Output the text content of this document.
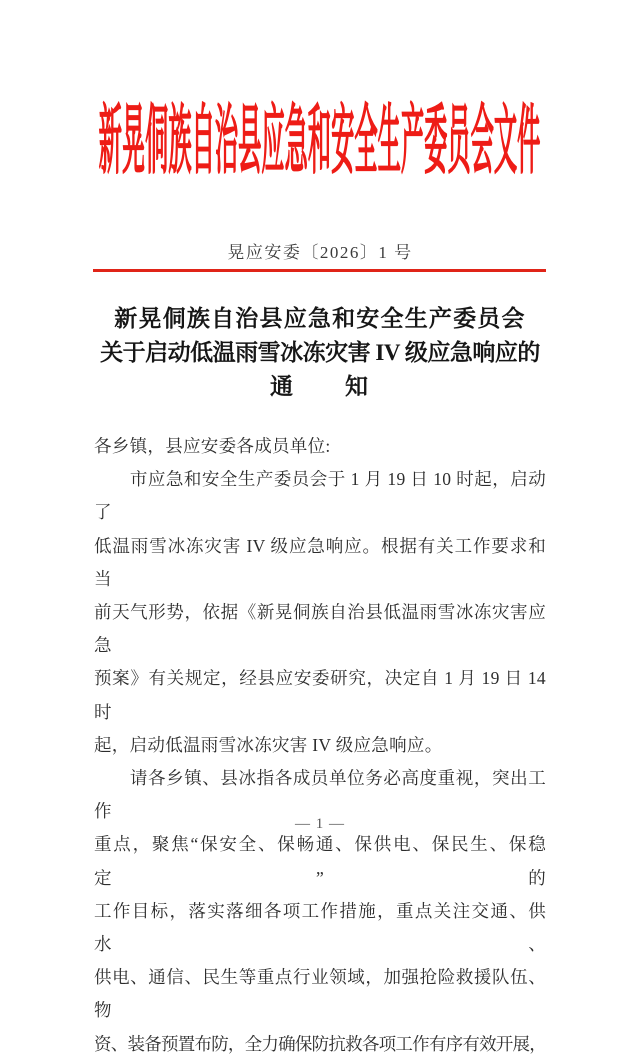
新晃侗族自治县应急和安全生产委员会文件
晃应安委〔2026〕1 号
新晃侗族自治县应急和安全生产委员会
关于启动低温雨雪冰冻灾害 IV 级应急响应的
通　　知
各乡镇，县应安委各成员单位:
市应急和安全生产委员会于 1 月 19 日 10 时起，启动了
低温雨雪冰冻灾害 IV 级应急响应。根据有关工作要求和当
前天气形势，依据《新晃侗族自治县低温雨雪冰冻灾害应急
预案》有关规定，经县应安委研究，决定自 1 月 19 日 14 时
起，启动低温雨雪冰冻灾害 IV 级应急响应。
请各乡镇、县冰指各成员单位务必高度重视，突出工作
重点，聚焦“保安全、保畅通、保供电、保民生、保稳定”的
工作目标，落实落细各项工作措施，重点关注交通、供水、
供电、通信、民生等重点行业领域，加强抢险救援队伍、物
资、装备预置布防，全力确保防抗救各项工作有序有效开展，
— 1 —
